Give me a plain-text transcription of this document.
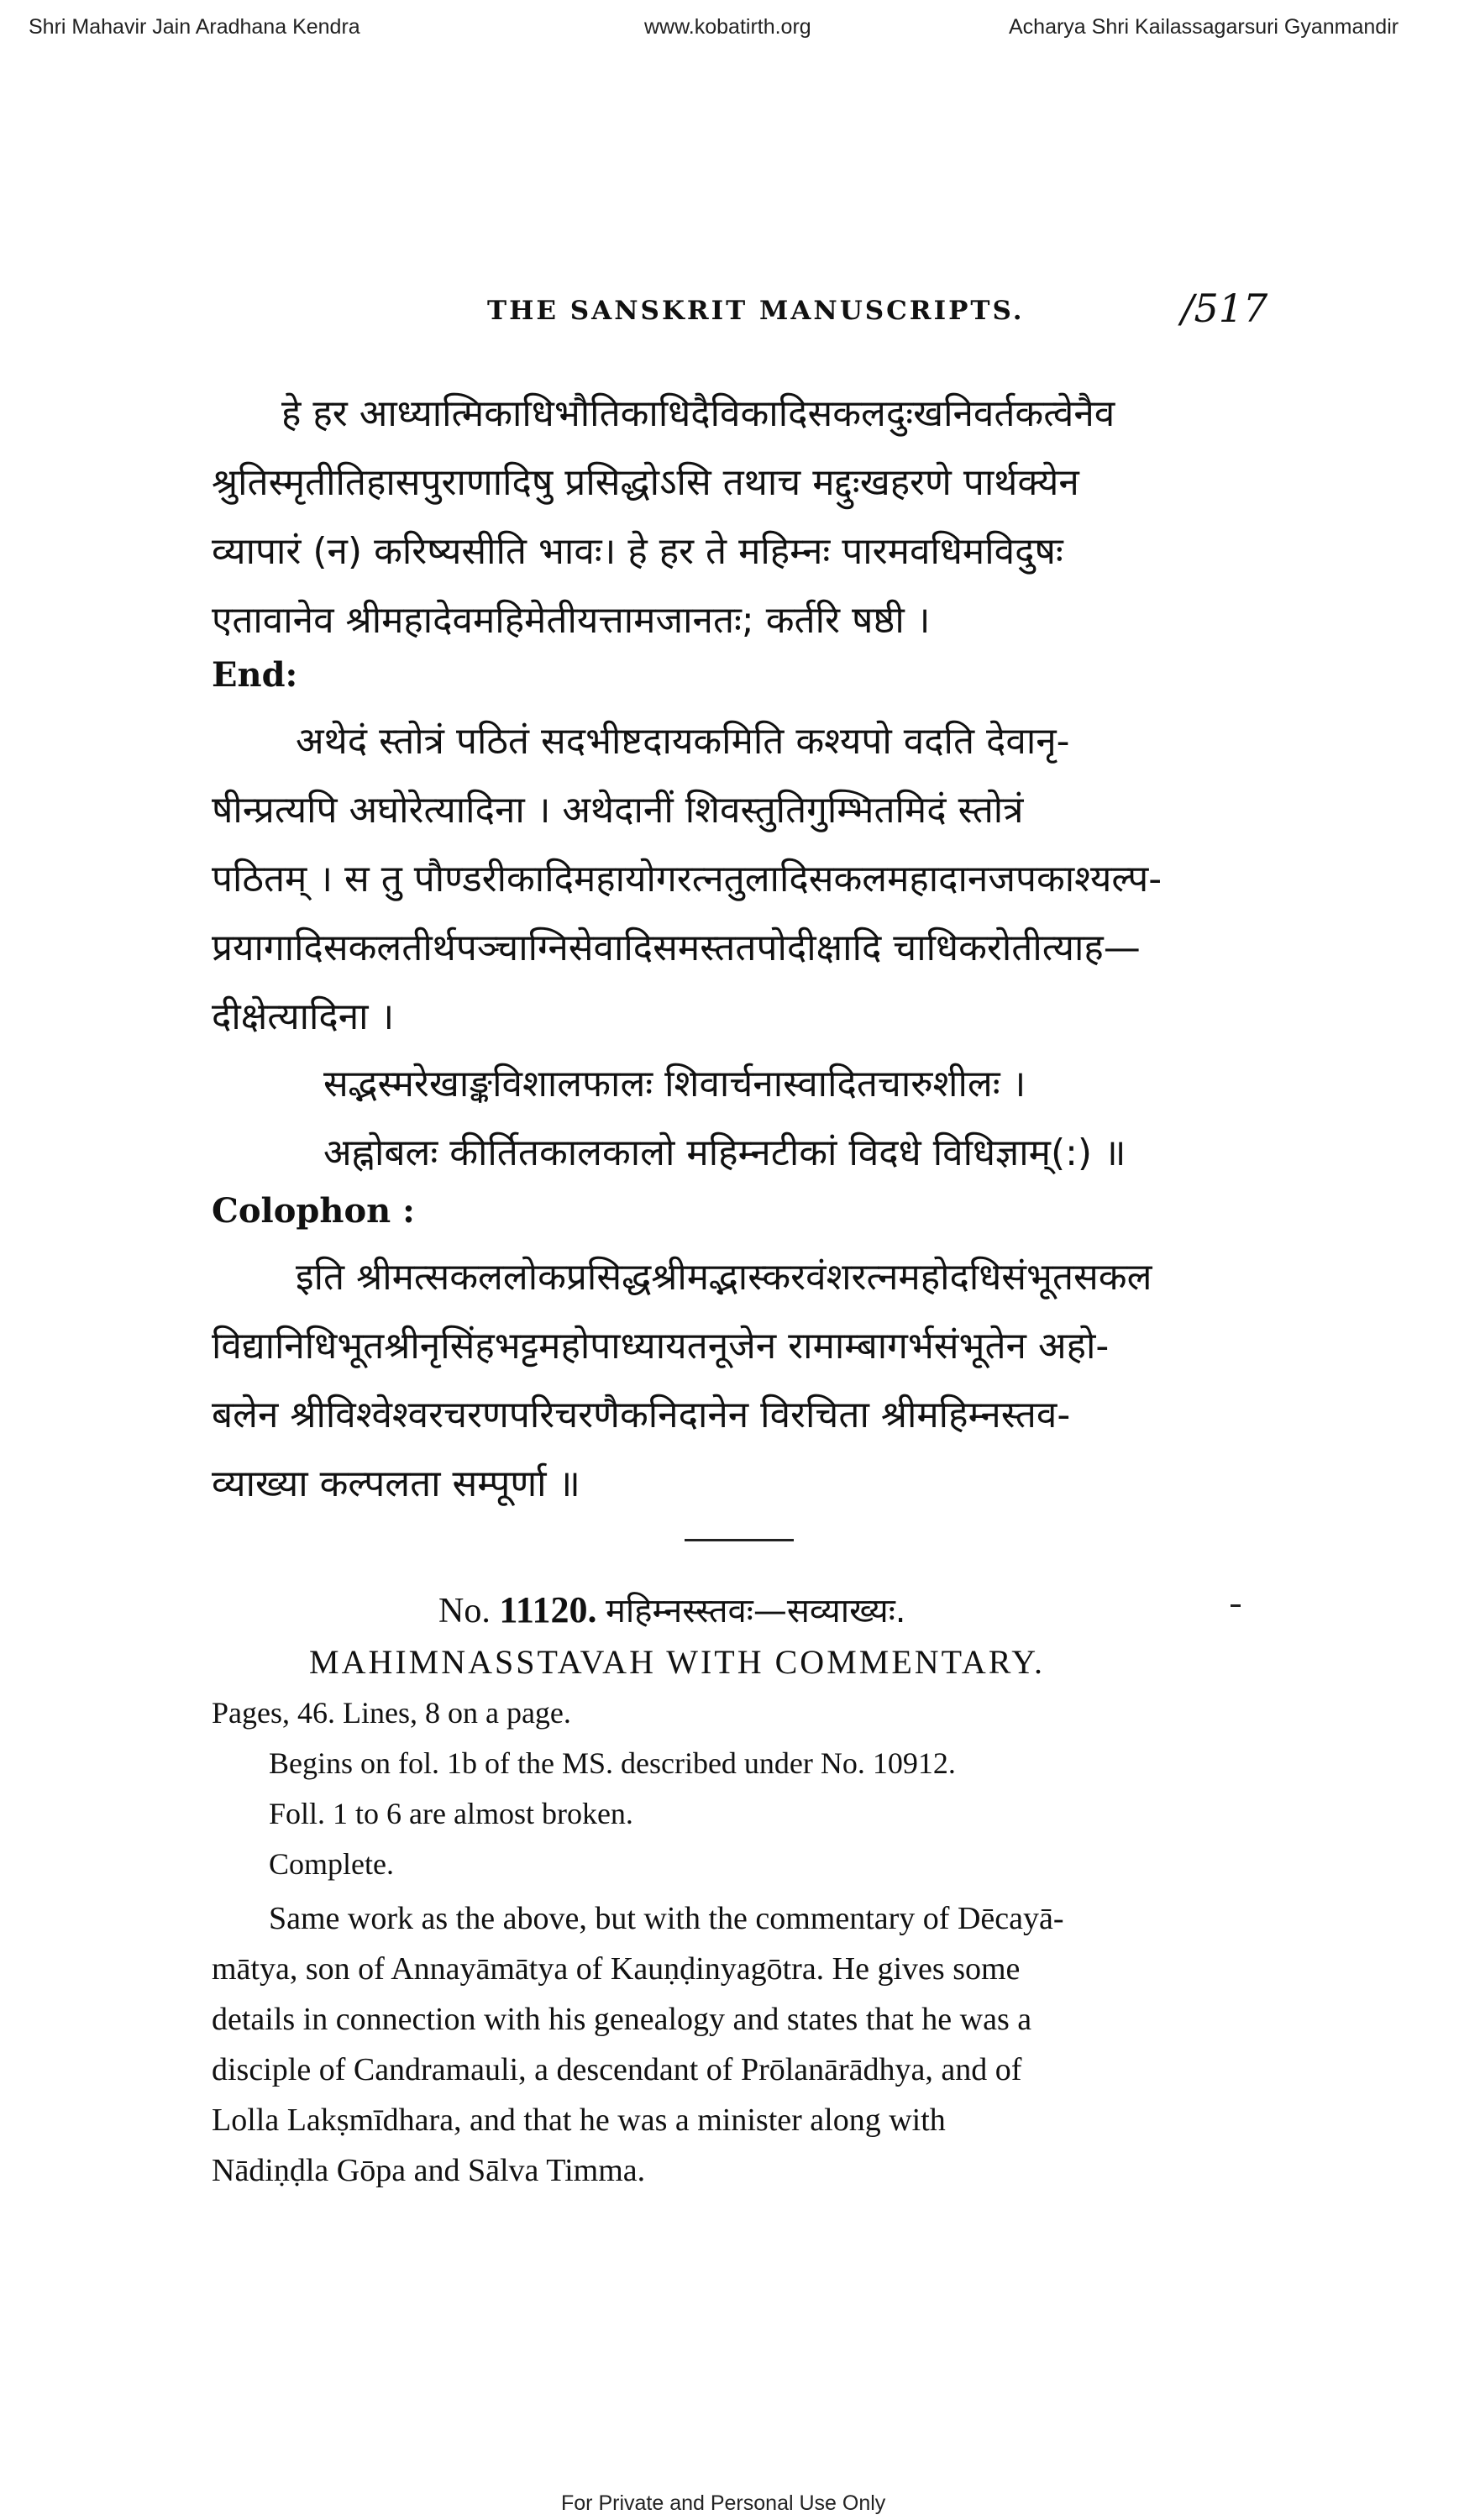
Shri Mahavir Jain Aradhana Kendra	www.kobatirth.org	Acharya Shri Kailassagarsuri Gyanmandir
THE SANSKRIT MANUSCRIPTS.	/517
हे हर आध्यात्मिकाधिभौतिकाधिदैविकादिसकलदुःखनिवर्तकत्वेनैव
श्रुतिस्मृतीतिहासपुराणादिषु प्रसिद्धोऽसि तथाच मद्दुःखहरणे पार्थक्येन
व्यापारं (न) करिष्यसीति भावः। हे हर ते महिम्नः पारमवधिमविदुषः
एतावानेव श्रीमहादेवमहिमेतीयत्तामजानतः; कर्तरि षष्ठी ।
End:
अथेदं स्तोत्रं पठितं सदभीष्टदायकमिति कश्यपो वदति देवानृ-
षीन्प्रत्यपि अघोरेत्यादिना । अथेदानीं शिवस्तुतिगुम्भितमिदं स्तोत्रं
पठितम् । स तु पौण्डरीकादिमहायोगरत्नतुलादिसकलमहादानजपकाश्यल्प-
प्रयागादिसकलतीर्थपञ्चाग्निसेवादिसमस्ततपोदीक्षादि चाधिकरोतीत्याह—
दीक्षेत्यादिना ।
सद्भस्मरेखाङ्कविशालफालः शिवार्चनास्वादितचारुशीलः ।
अह्नोबलः कीर्तितकालकालो महिम्नटीकां विदधे विधिज्ञाम्(:) ॥
Colophon :
इति श्रीमत्सकललोकप्रसिद्धश्रीमद्भास्करवंशरत्नमहोदधिसंभूतसकल
विद्यानिधिभूतश्रीनृसिंहभट्टमहोपाध्यायतनूजेन रामाम्बागर्भसंभूतेन अहो-
बलेन श्रीविश्वेश्वरचरणपरिचरणैकनिदानेन विरचिता श्रीमहिम्नस्तव-
व्याख्या कल्पलता सम्पूर्णा ॥
No. 11120. महिम्नस्स्तवः—सव्याख्यः.
MAHIMNASSTAVAH WITH COMMENTARY.
Pages, 46. Lines, 8 on a page.
Begins on fol. 1b of the MS. described under No. 10912.
Foll. 1 to 6 are almost broken.
Complete.
Same work as the above, but with the commentary of Dēcayā-
mātya, son of Annayāmātya of Kauṇḍinyagōtra. He gives some
details in connection with his genealogy and states that he was a
disciple of Candramauli, a descendant of Prōlanārādhya, and of
Lolla Lakṣmīdhara, and that he was a minister along with
Nādiṇḍla Gōpa and Sālva Timma.
For Private and Personal Use Only
